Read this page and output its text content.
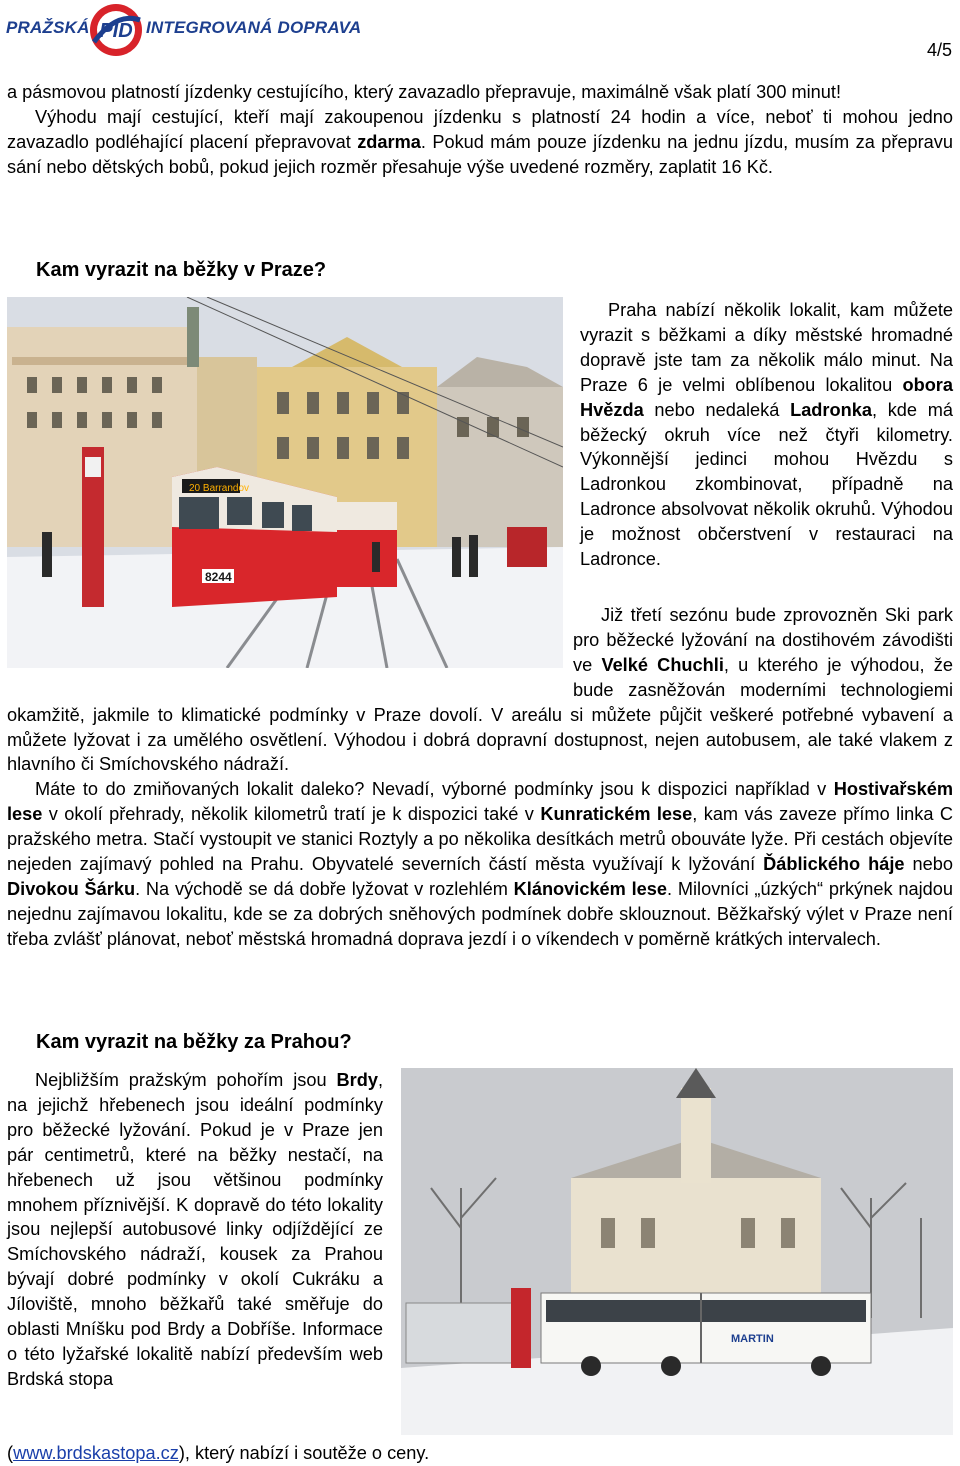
PRAŽSKÁ PID INTEGROVANÁ DOPRAVA
4/5

a pásmovou platností jízdenky cestujícího, který zavazadlo přepravuje, maximálně však platí 300 minut!

Výhodu mají cestující, kteří mají zakoupenou jízdenku s platností 24 hodin a více, neboť ti mohou jedno zavazadlo podléhající placení přepravovat zdarma. Pokud mám pouze jízdenku na jednu jízdu, musím za přepravu sání nebo dětských bobů, pokud jejich rozměr přesahuje výše uvedené rozměry, zaplatit 16 Kč.

Kam vyrazit na běžky v Praze?
20 Barrandov
8244

Praha nabízí několik lokalit, kam můžete vyrazit s běžkami a díky městské hromadné dopravě jste tam za několik málo minut. Na Praze 6 je velmi oblíbenou lokalitou obora Hvězda nebo nedaleká Ladronka, kde má běžecký okruh více než čtyři kilometry. Výkonnější jedinci mohou Hvězdu s Ladronkou zkombinovat, případně na Ladronce absolvovat několik okruhů. Výhodou je možnost občerstvení v restauraci na Ladronce.

Již třetí sezónu bude zprovozněn Ski park pro běžecké lyžování na dostihovém závodišti ve Velké Chuchli, u kterého je výhodou, že bude zasněžován moderními technologiemi okamžitě, jakmile to klimatické podmínky v Praze dovolí. V areálu si můžete půjčit veškeré potřebné vybavení a můžete lyžovat i za umělého osvětlení. Výhodou i dobrá dopravní dostupnost, nejen autobusem, ale také vlakem z hlavního či Smíchovského nádraží.

Máte to do zmiňovaných lokalit daleko? Nevadí, výborné podmínky jsou k dispozici například v Hostivařském lese v okolí přehrady, několik kilometrů tratí je k dispozici také v Kunratickém lese, kam vás zaveze přímo linka C pražského metra. Stačí vystoupit ve stanici Roztyly a po několika desítkách metrů obouváte lyže. Při cestách objevíte nejeden zajímavý pohled na Prahu. Obyvatelé severních částí města využívají k lyžování Ďáblického háje nebo Divokou Šárku. Na východě se dá dobře lyžovat v rozlehlém Klánovickém lese. Milovníci „úzkých“ prkýnek najdou nejednu zajímavou lokalitu, kde se za dobrých sněhových podmínek dobře sklouznout. Běžkařský výlet v Praze není třeba zvlášť plánovat, neboť městská hromadná doprava jezdí i o víkendech v poměrně krátkých intervalech.

Kam vyrazit na běžky za Prahou?

Nejbližším pražským pohořím jsou Brdy, na jejichž hřebenech jsou ideální podmínky pro běžecké lyžování. Pokud je v Praze jen pár centimetrů, které na běžky nestačí, na hřebenech už jsou většinou podmínky mnohem příznivější. K dopravě do této lokality jsou nejlepší autobusové linky odjíždějící ze Smíchovského nádraží, kousek za Prahou bývají dobré podmínky v okolí Cukráku a Jíloviště, mnoho běžkařů také směřuje do oblasti Mníšku pod Brdy a Dobříše. Informace o této lyžařské lokalitě nabízí především web Brdská stopa

(www.brdskastopa.cz), který nabízí i soutěže o ceny.
MARTIN
